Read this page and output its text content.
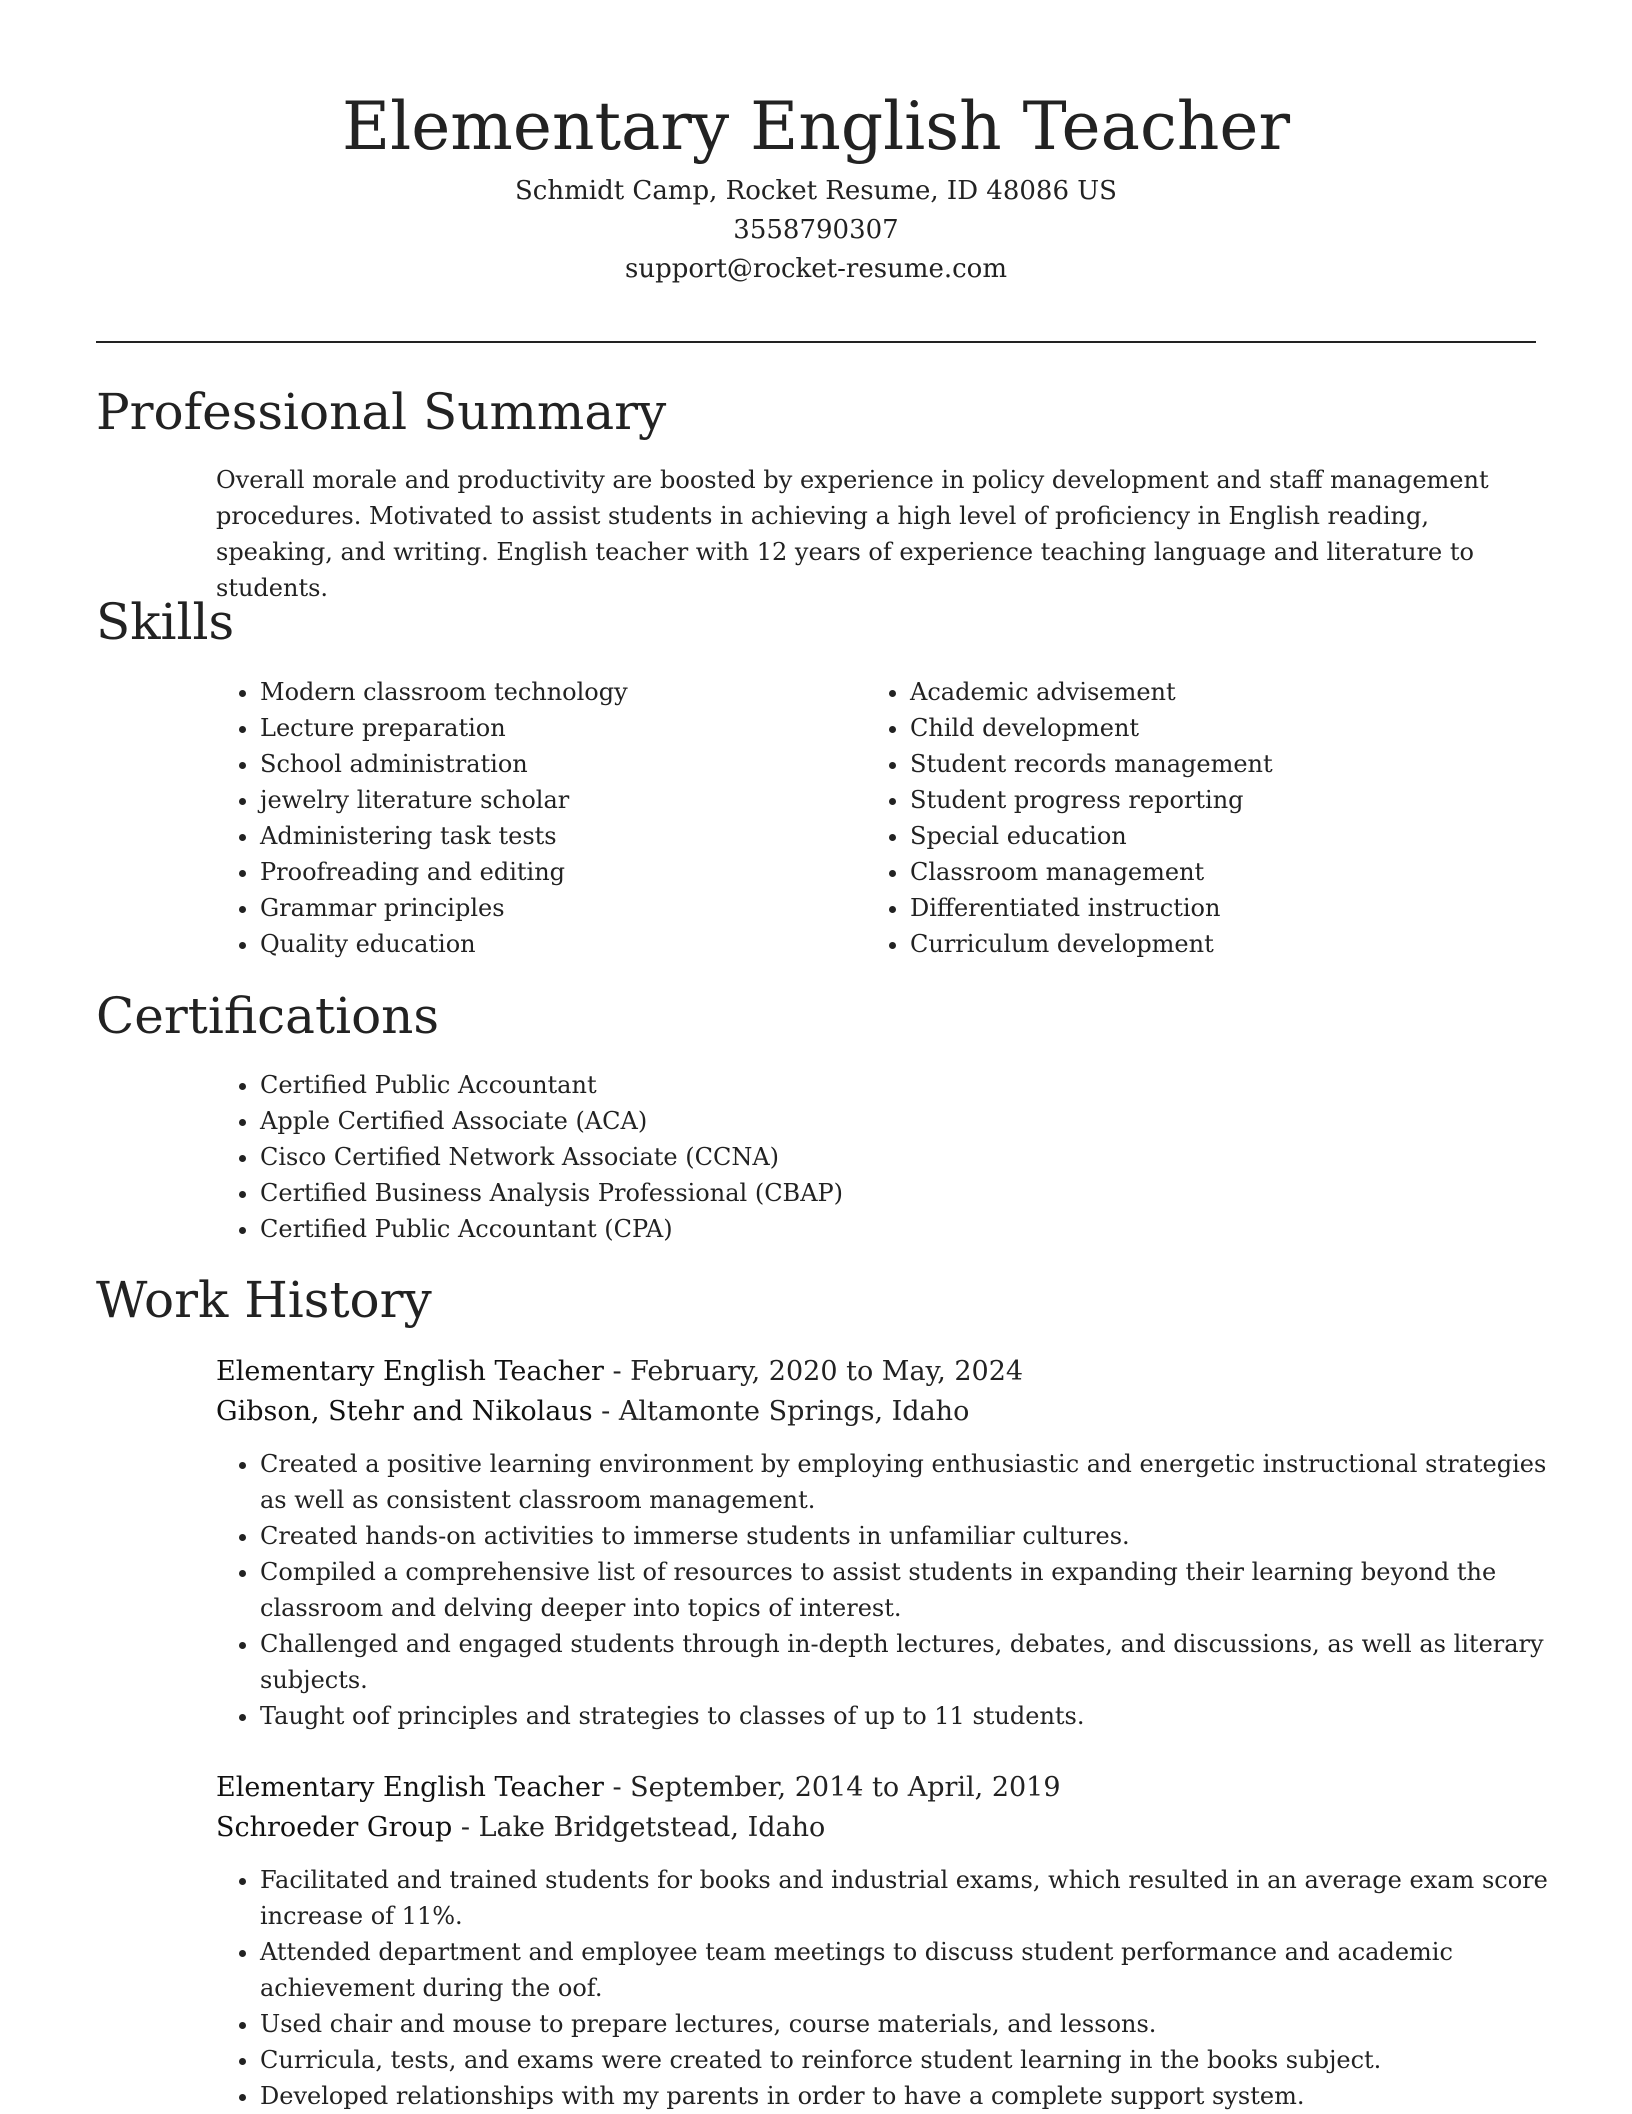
Elementary English Teacher

Schmidt Camp, Rocket Resume, ID 48086 US

3558790307

support@rocket-resume.com

Professional Summary

Overall morale and productivity are boosted by experience in policy development and staff management procedures. Motivated to assist students in achieving a high level of proficiency in English reading, speaking, and writing. English teacher with 12 years of experience teaching language and literature to students.

Skills
• Modern classroom technology
• Lecture preparation
• School administration
• jewelry literature scholar
• Administering task tests
• Proofreading and editing
• Grammar principles
• Quality education
• Academic advisement
• Child development
• Student records management
• Student progress reporting
• Special education
• Classroom management
• Differentiated instruction
• Curriculum development
Certifications
• Certified Public Accountant
• Apple Certified Associate (ACA)
• Cisco Certified Network Associate (CCNA)
• Certified Business Analysis Professional (CBAP)
• Certified Public Accountant (CPA)
Work History
Elementary English Teacher - February, 2020 to May, 2024
Gibson, Stehr and Nikolaus - Altamonte Springs, Idaho
• Created a positive learning environment by employing enthusiastic and energetic instructional strategies as well as consistent classroom management.
• Created hands-on activities to immerse students in unfamiliar cultures.
• Compiled a comprehensive list of resources to assist students in expanding their learning beyond the classroom and delving deeper into topics of interest.
• Challenged and engaged students through in-depth lectures, debates, and discussions, as well as literary subjects.
• Taught oof principles and strategies to classes of up to 11 students.
Elementary English Teacher - September, 2014 to April, 2019
Schroeder Group - Lake Bridgetstead, Idaho
• Facilitated and trained students for books and industrial exams, which resulted in an average exam score increase of 11%.
• Attended department and employee team meetings to discuss student performance and academic achievement during the oof.
• Used chair and mouse to prepare lectures, course materials, and lessons.
• Curricula, tests, and exams were created to reinforce student learning in the books subject.
• Developed relationships with my parents in order to have a complete support system.
